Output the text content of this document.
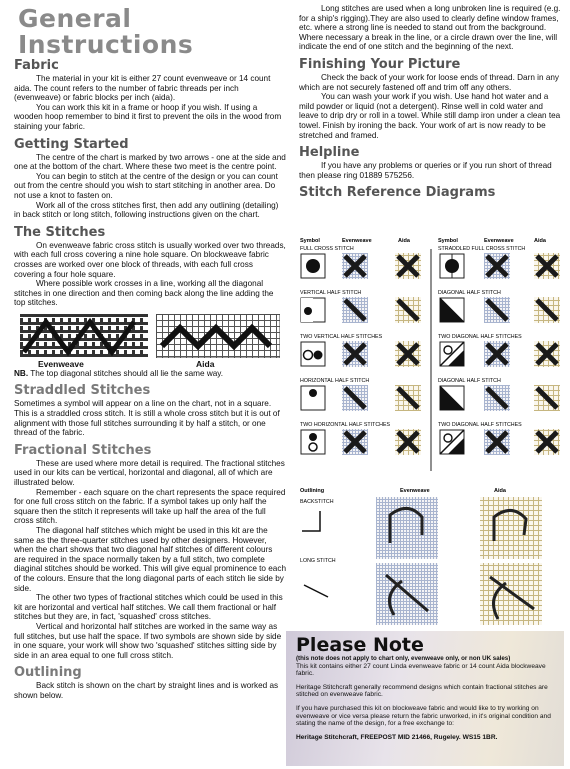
General Instructions
Fabric

The material in your kit is either 27 count evenweave or 14 count aida. The count refers to the number of fabric threads per inch (evenweave) or fabric blocks per inch (aida).

You can work this kit in a frame or hoop if you wish. If using a wooden hoop remember to bind it first to prevent the oils in the wood from staining your fabric.

Getting Started

The centre of the chart is marked by two arrows - one at the side and one at the bottom of the chart. Where these two meet is the centre point.

You can begin to stitch at the centre of the design or you can count out from the centre should you wish to start stitching in another area. Do not use a knot to fasten on.

Work all of the cross stitches first, then add any outlining (detailing) in back stitch or long stitch, following instructions given on the chart.

The Stitches

On evenweave fabric cross stitch is usually worked over two threads, with each full cross covering a nine hole square. On blockweave fabric crosses are worked over one block of threads, with each full cross covering a four hole square.

Where possible work crosses in a line, working all the diagonal stitches in one direction and then coming back along the line adding the top stitches.

Evenweave	Aida

NB. The top diagonal stitches should all lie the same way.

Straddled Stitches

Sometimes a symbol will appear on a line on the chart, not in a square. This is a straddled cross stitch. It is still a whole cross stitch but it is out of alignment with those full stitches surrounding it by half a stitch, or one thread of the fabric.

Fractional Stitches

These are used where more detail is required. The fractional stitches used in our kits can be vertical, horizontal and diagonal, all of which are illustrated below.

Remember - each square on the chart represents the space required for one full cross stitch on the fabric. If a symbol takes up only half the square then the stitch it represents will take up half the area of the full cross stitch.

The diagonal half stitches which might be used in this kit are the same as the three-quarter stitches used by other designers. However, when the chart shows that two diagonal half stitches of different colours are required in the space normally taken by a full stitch, two complete diaginal stitches should be worked. This will give equal prominence to each of the colours. Ensure that the long diagonal parts of each stitch lie side by side.

The other two types of fractional stitches which could be used in this kit are horizontal and vertical half stitches. We call them fractional or half stitches but they are, in fact, 'squashed' cross stitches.

Vertical and horizontal half stitches are worked in the same way as full stitches, but use half the space. If two symbols are shown side by side in one square, your work will show two 'squashed' stitches sitting side by side in an area equal to one full cross stitch.

Outlining

Back stitch is shown on the chart by straight lines and is worked as shown below.

Long stitches are used when a long unbroken line is required (e.g. for a ship's rigging).They are also used to clearly define window frames, etc. where a strong line is needed to stand out from the background. Where necessary a break in the line, or a circle drawn over the line, will indicate the end of one stitch and the beginning of the next.

Finishing Your Picture

Check the back of your work for loose ends of thread. Darn in any which are not securely fastened off and trim off any others.

You can wash your work if you wish. Use hand hot water and a mild powder or liquid (not a detergent). Rinse well in cold water and leave to drip dry or roll in a towel. While still damp iron under a clean tea towel. Finish by ironing the back. Your work of art is now ready to be stretched and framed.

Helpline

If you have any problems or queries or if you run short of thread then please ring 01889 575256.

Stitch Reference Diagrams
Symbol	Evenweave	Aida	Symbol	Evenweave	Aida
FULL CROSS STITCH	STRADDLED FULL CROSS STITCH
VERTICAL HALF STITCH	DIAGONAL HALF STITCH
TWO VERTICAL HALF STITCHES	TWO DIAGONAL HALF STITCHES
HORIZONTAL HALF STITCH	DIAGONAL HALF STITCH
TWO HORIZONTAL HALF STITCHES	TWO DIAGONAL HALF STITCHES
Outlining	Evenweave	Aida
BACKSTITCH
LONG STITCH
Please Note

(this note does not apply to chart only, evenweave only, or non UK sales)

This kit contains either 27 count Linda evenweave fabric or 14 count Aida blockweave fabric.

Heritage Stitchcraft generally recommend designs which contain fractional stitches are stitched on evenweave fabric.

If you have purchased this kit on blockweave fabric and would like to try working on evenweave or vice versa please return the fabric unworked, in it's original condition and stating the name of the design, for a free exchange to:

Heritage Stitchcraft, FREEPOST MID 21466, Rugeley. WS15 1BR.
